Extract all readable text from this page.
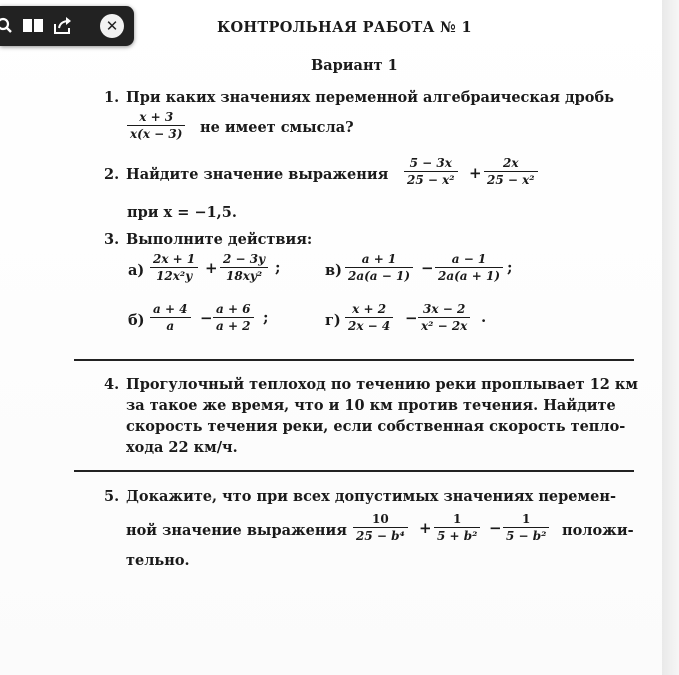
✕	КОНТРОЛЬНАЯ РАБОТА № 1
Вариант 1
1. При каких значениях переменной алгебраическая дробь
$\frac{x + 3}{x(x - 3)}$ не имеет смысла?
2. Найдите значение выражения $\frac{5 - 3x}{\text{25 − x²}} + \frac{2x}{\text{25 − x²}}$
при x = −1,5.
3. Выполните действия:
$а) \frac{2x + 1}{\text{12x²y}} + \frac{2 - 3y}{\text{18xy²}}$ ;	$в) \frac{a + 1}{2a(a - 1)} - \frac{a - 1}{2a(a + 1)}$ ;
$б) \frac{a + 4}{a} - \frac{a + 6}{a + 2}$ ;	$г) \frac{x + 2}{2x - 4} - \frac{3x - 2}{\text{x² − 2x}}$ .
4. Прогулочный теплоход по течению реки проплывает 12 км
за такое же время, что и 10 км против течения. Найдите
скорость течения реки, если собственная скорость тепло-
хода 22 км/ч.
5. Докажите, что при всех допустимых значениях перемен-
ной значение выражения $\frac{10}{\text{25 − b⁴}} + \frac{1}{\text{5 + b²}} - \frac{1}{\text{5 − b²}}$ положи-
тельно.
